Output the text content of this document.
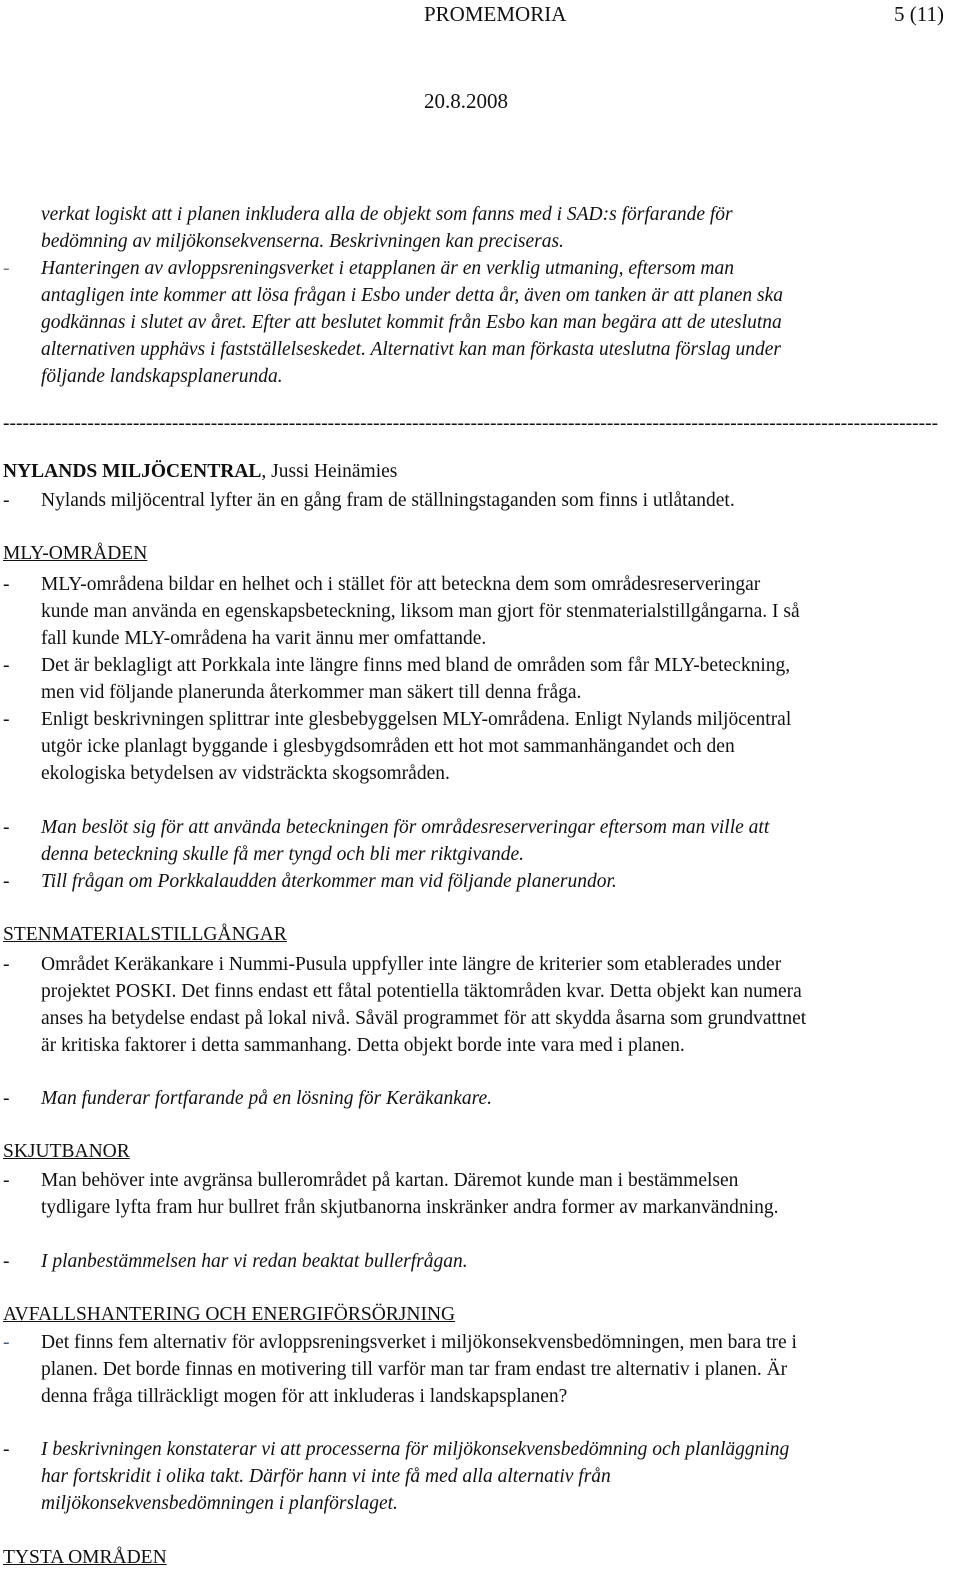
PROMEMORIA	5 (11)
20.8.2008
verkat logiskt att i planen inkludera alla de objekt som fanns med i SAD:s förfarande för
bedömning av miljökonsekvenserna. Beskrivningen kan preciseras.
- Hanteringen av avloppsreningsverket i etapplanen är en verklig utmaning, eftersom man
antagligen inte kommer att lösa frågan i Esbo under detta år, även om tanken är att planen ska
godkännas i slutet av året. Efter att beslutet kommit från Esbo kan man begära att de uteslutna
alternativen upphävs i fastställelseskedet. Alternativt kan man förkasta uteslutna förslag under
följande landskapsplanerunda.
------------------------------------------------------------------------------------------------------------------------------------------------
NYLANDS MILJÖCENTRAL, Jussi Heinämies
- Nylands miljöcentral lyfter än en gång fram de ställningstaganden som finns i utlåtandet.
MLY-OMRÅDEN
- MLY-områdena bildar en helhet och i stället för att beteckna dem som områdesreserveringar
kunde man använda en egenskapsbeteckning, liksom man gjort för stenmaterialstillgångarna. I så
fall kunde MLY-områdena ha varit ännu mer omfattande.
- Det är beklagligt att Porkkala inte längre finns med bland de områden som får MLY-beteckning,
men vid följande planerunda återkommer man säkert till denna fråga.
- Enligt beskrivningen splittrar inte glesbebyggelsen MLY-områdena. Enligt Nylands miljöcentral
utgör icke planlagt byggande i glesbygdsområden ett hot mot sammanhängandet och den
ekologiska betydelsen av vidsträckta skogsområden.
- Man beslöt sig för att använda beteckningen för områdesreserveringar eftersom man ville att
denna beteckning skulle få mer tyngd och bli mer riktgivande.
- Till frågan om Porkkalaudden återkommer man vid följande planerundor.
STENMATERIALSTILLGÅNGAR
- Området Keräkankare i Nummi-Pusula uppfyller inte längre de kriterier som etablerades under
projektet POSKI. Det finns endast ett fåtal potentiella täktområden kvar. Detta objekt kan numera
anses ha betydelse endast på lokal nivå. Såväl programmet för att skydda åsarna som grundvattnet
är kritiska faktorer i detta sammanhang. Detta objekt borde inte vara med i planen.
- Man funderar fortfarande på en lösning för Keräkankare.
SKJUTBANOR
- Man behöver inte avgränsa bullerområdet på kartan. Däremot kunde man i bestämmelsen
tydligare lyfta fram hur bullret från skjutbanorna inskränker andra former av markanvändning.
- I planbestämmelsen har vi redan beaktat bullerfrågan.
AVFALLSHANTERING OCH ENERGIFÖRSÖRJNING
- Det finns fem alternativ för avloppsreningsverket i miljökonsekvensbedömningen, men bara tre i
planen. Det borde finnas en motivering till varför man tar fram endast tre alternativ i planen. Är
denna fråga tillräckligt mogen för att inkluderas i landskapsplanen?
- I beskrivningen konstaterar vi att processerna för miljökonsekvensbedömning och planläggning
har fortskridit i olika takt. Därför hann vi inte få med alla alternativ från
miljökonsekvensbedömningen i planförslaget.
TYSTA OMRÅDEN
